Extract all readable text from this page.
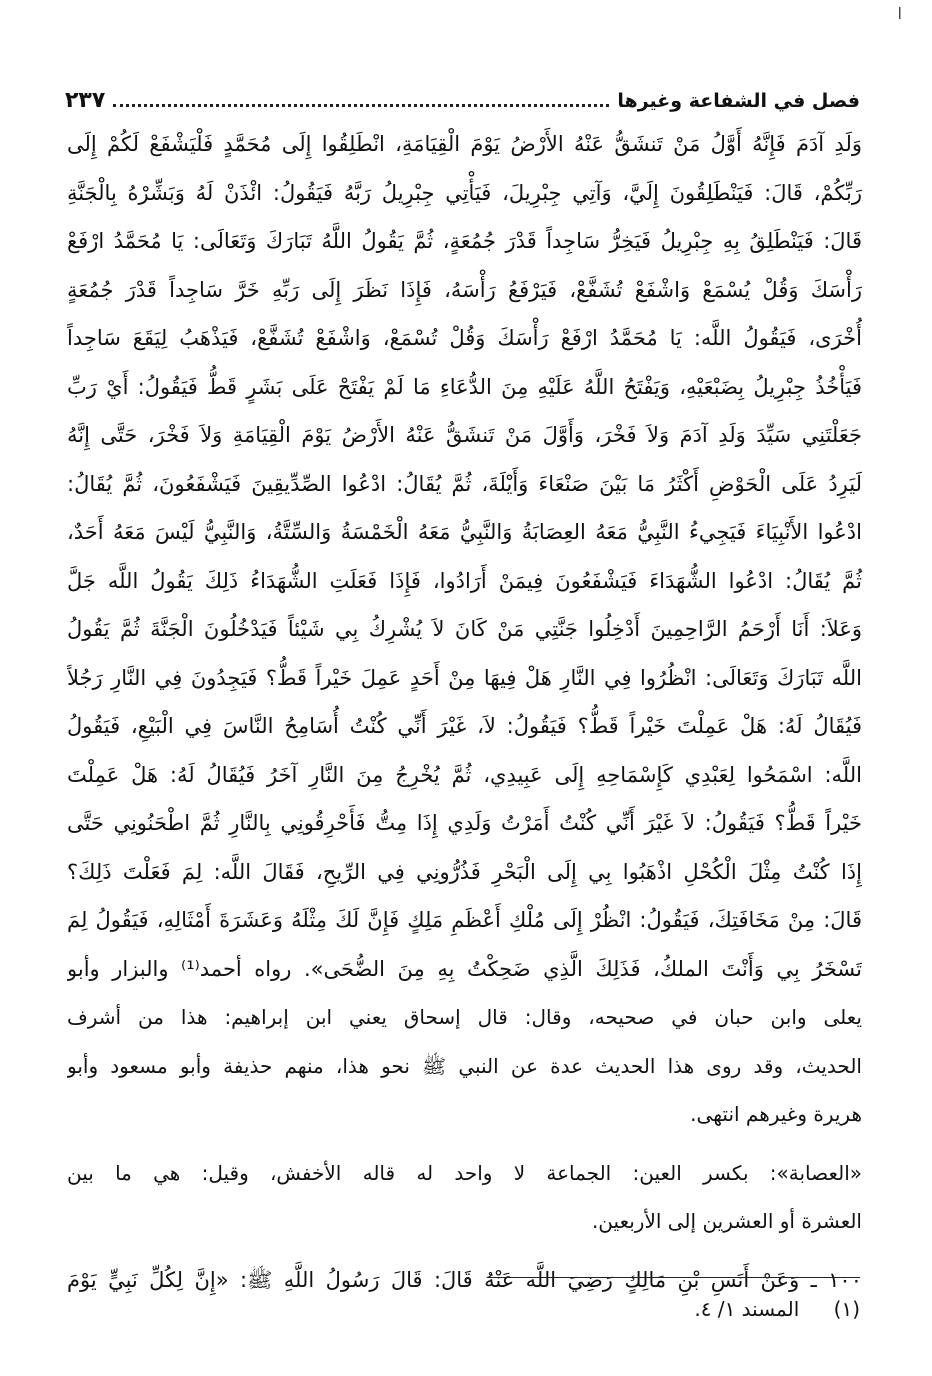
ا
فصل في الشفاعة وغيرها
٢٣٧
وَلَدِ آدَمَ فَإِنَّهُ أَوَّلُ مَنْ تَنشَقُّ عَنْهُ الأَرْضُ يَوْمَ الْقِيَامَةِ، انْطَلِقُوا إِلَى مُحَمَّدٍ فَلْيَشْفَعْ لَكُمْ إِلَى
رَبِّكُمْ، قَالَ: فَيَنْطَلِقُونَ إِلَيَّ، وَآتِي جِبْرِيلَ، فَيَأْتِي جِبْرِيلُ رَبَّهُ فَيَقُولُ: ائْذَنْ لَهُ وَبَشِّرْهُ بِالْجَنَّةِ
قَالَ: فَيَنْطَلِقُ بِهِ جِبْرِيلُ فَيَخِرُّ سَاجِداً قَدْرَ جُمُعَةٍ، ثُمَّ يَقُولُ اللَّهُ تَبَارَكَ وَتَعَالَى: يَا مُحَمَّدُ ارْفَعْ
رَأْسَكَ وَقُلْ يُسْمَعْ وَاشْفَعْ تُشَفَّعْ، فَيَرْفَعُ رَأْسَهُ، فَإِذَا نَظَرَ إِلَى رَبِّهِ خَرَّ سَاجِداً قَدْرَ جُمُعَةٍ
أُخْرَى، فَيَقُولُ اللَّه: يَا مُحَمَّدُ ارْفَعْ رَأْسَكَ وَقُلْ تُسْمَعْ، وَاشْفَعْ تُشَفَّعْ، فَيَذْهَبُ لِيَقَعَ سَاجِداً
فَيَأْخُذُ جِبْرِيلُ بِضَبْعَيْهِ، وَيَفْتَحُ اللَّهُ عَلَيْهِ مِنَ الدُّعَاءِ مَا لَمْ يَفْتَحْ عَلَى بَشَرٍ قَطُّ فَيَقُولُ: أَيْ رَبِّ
جَعَلْتَنِي سَيِّدَ وَلَدِ آدَمَ وَلاَ فَخْرَ، وَأَوَّلَ مَنْ تَنشَقُّ عَنْهُ الأَرْضُ يَوْمَ الْقِيَامَةِ وَلاَ فَخْرَ، حَتَّى إِنَّهُ
لَيَرِدُ عَلَى الْحَوْضِ أَكْثَرُ مَا بَيْنَ صَنْعَاءَ وَأَيْلَةَ، ثُمَّ يُقَالُ: ادْعُوا الصِّدِّيقِينَ فَيَشْفَعُونَ، ثُمَّ يُقَالُ:
ادْعُوا الأَنْبِيَاءَ فَيَجِيءُ النَّبِيُّ مَعَهُ العِصَابَةُ وَالنَّبِيُّ مَعَهُ الْخَمْسَةُ وَالسِّتَّةُ، وَالنَّبِيُّ لَيْسَ مَعَهُ أَحَدٌ،
ثُمَّ يُقَالُ: ادْعُوا الشُّهَدَاءَ فَيَشْفَعُونَ فِيمَنْ أَرَادُوا، فَإِذَا فَعَلَتِ الشُّهَدَاءُ ذَلِكَ يَقُولُ اللَّه جَلَّ
وَعَلاَ: أَنَا أَرْحَمُ الرَّاحِمِينَ أَدْخِلُوا جَنَّتِي مَنْ كَانَ لاَ يُشْرِكُ بِي شَيْئاً فَيَدْخُلُونَ الْجَنَّةَ ثُمَّ يَقُولُ
اللَّه تَبَارَكَ وَتَعَالَى: انْظُرُوا فِي النَّارِ هَلْ فِيهَا مِنْ أَحَدٍ عَمِلَ خَيْراً قَطُّ؟ فَيَجِدُونَ فِي النَّارِ رَجُلاً
فَيُقَالُ لَهُ: هَلْ عَمِلْتَ خَيْراً قَطُّ؟ فَيَقُولُ: لاَ، غَيْرَ أَنِّي كُنْتُ أُسَامِحُ النَّاسَ فِي الْبَيْعِ، فَيَقُولُ
اللَّه: اسْمَحُوا لِعَبْدِي كَإِسْمَاحِهِ إِلَى عَبِيدِي، ثُمَّ يُخْرِجُ مِنَ النَّارِ آخَرُ فَيُقَالُ لَهُ: هَلْ عَمِلْتَ
خَيْراً قَطُّ؟ فَيَقُولُ: لاَ غَيْرَ أَنِّي كُنْتُ أَمَرْتُ وَلَدِي إِذَا مِتُّ فَأَحْرِقُونِي بِالنَّارِ ثُمَّ اطْحَنُونِي حَتَّى
إِذَا كُنْتُ مِثْلَ الْكُحْلِ اذْهَبُوا بِي إِلَى الْبَحْرِ فَذُرُّونِي فِي الرِّيحِ، فَقَالَ اللَّه: لِمَ فَعَلْتَ ذَلِكَ؟
قَالَ: مِنْ مَخَافَتِكَ، فَيَقُولُ: انْظُرْ إِلَى مُلْكِ أَعْظَمِ مَلِكٍ فَإِنَّ لَكَ مِثْلَهُ وَعَشَرَةَ أَمْثَالِهِ، فَيَقُولُ لِمَ
تَسْخَرُ بِي وَأَنْتَ الملكُ، فَذَلِكَ الَّذِي ضَحِكْتُ بِهِ مِنَ الضُّحَى». رواه أحمد⁽¹⁾ والبزار وأبو
يعلى وابن حبان في صحيحه، وقال: قال إسحاق يعني ابن إبراهيم: هذا من أشرف
الحديث، وقد روى هذا الحديث عدة عن النبي ﷺ نحو هذا، منهم حذيفة وأبو مسعود وأبو
هريرة وغيرهم انتهى.
«العصابة»: بكسر العين: الجماعة لا واحد له قاله الأخفش، وقيل: هي ما بين
العشرة أو العشرين إلى الأربعين.
١٠٠ ـ وَعَنْ أَنَسِ بْنِ مَالِكٍ رَضِيَ اللَّه عَنْهُ قَالَ: قَالَ رَسُولُ اللَّهِ ﷺ: «إِنَّ لِكُلِّ نَبِيٍّ يَوْمَ
(١) المسند ١/ ٤.
